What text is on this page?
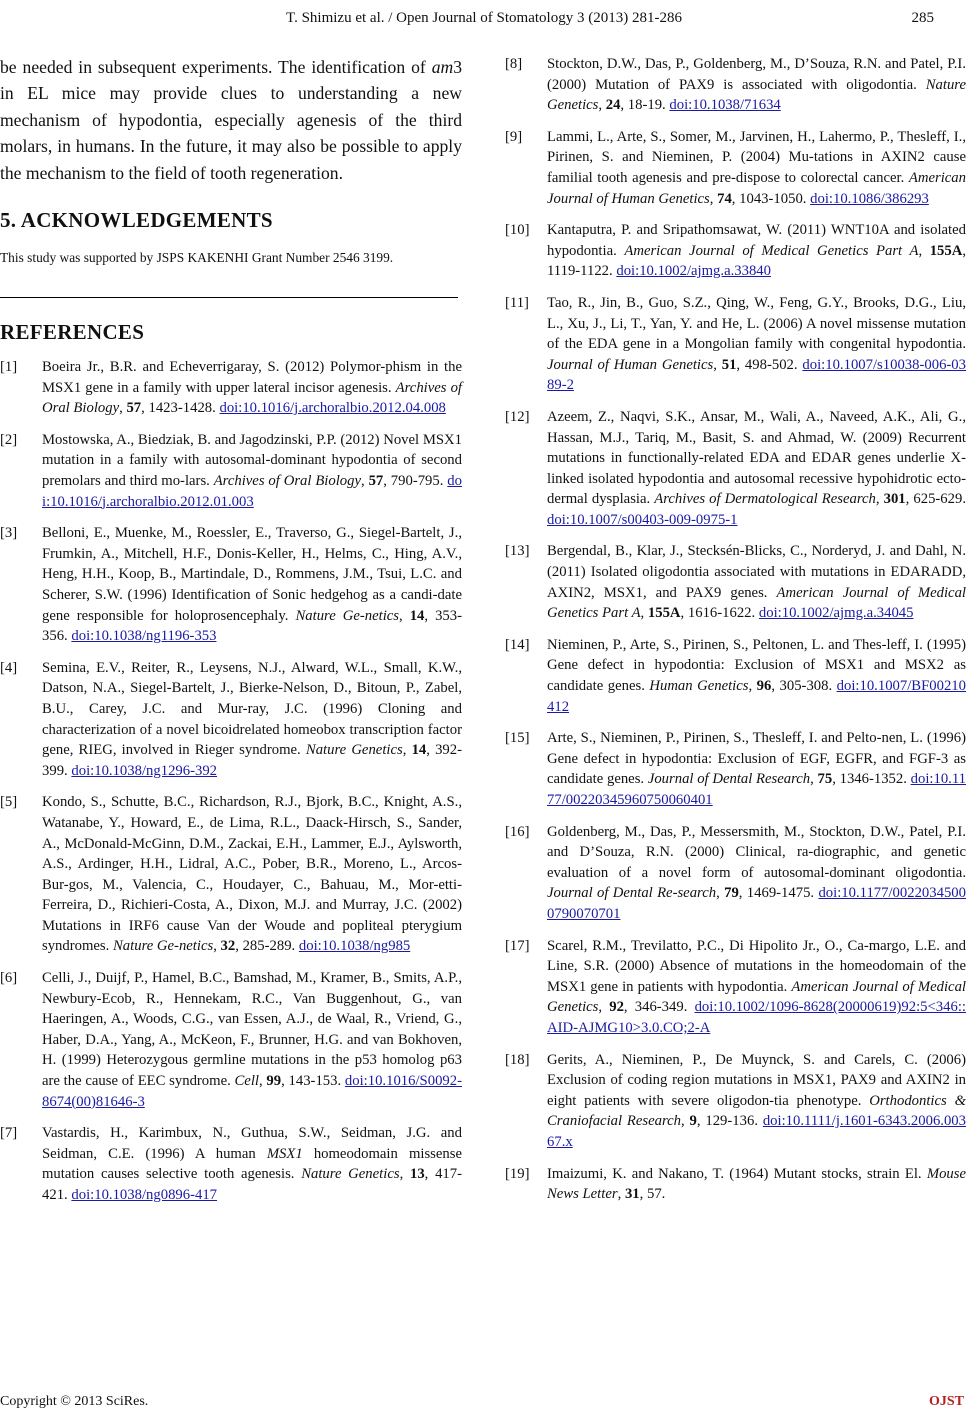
T. Shimizu et al. / Open Journal of Stomatology 3 (2013) 281-286	285

be needed in subsequent experiments. The identification of am3 in EL mice may provide clues to understanding a new mechanism of hypodontia, especially agenesis of the third molars, in humans. In the future, it may also be possible to apply the mechanism to the field of tooth regeneration.

5. ACKNOWLEDGEMENTS

This study was supported by JSPS KAKENHI Grant Number 2546 3199.

REFERENCES

[1] Boeira Jr., B.R. and Echeverrigaray, S. (2012) Polymor-phism in the MSX1 gene in a family with upper lateral incisor agenesis. Archives of Oral Biology, 57, 1423-1428. doi:10.1016/j.archoralbio.2012.04.008

[2] Mostowska, A., Biedziak, B. and Jagodzinski, P.P. (2012) Novel MSX1 mutation in a family with autosomal-dominant hypodontia of second premolars and third mo-lars. Archives of Oral Biology, 57, 790-795. doi:10.1016/j.archoralbio.2012.01.003

[3] Belloni, E., Muenke, M., Roessler, E., Traverso, G., Siegel-Bartelt, J., Frumkin, A., Mitchell, H.F., Donis-Keller, H., Helms, C., Hing, A.V., Heng, H.H., Koop, B., Martindale, D., Rommens, J.M., Tsui, L.C. and Scherer, S.W. (1996) Identification of Sonic hedgehog as a candi-date gene responsible for holoprosencephaly. Nature Ge-netics, 14, 353-356. doi:10.1038/ng1196-353

[4] Semina, E.V., Reiter, R., Leysens, N.J., Alward, W.L., Small, K.W., Datson, N.A., Siegel-Bartelt, J., Bierke-Nelson, D., Bitoun, P., Zabel, B.U., Carey, J.C. and Mur-ray, J.C. (1996) Cloning and characterization of a novel bicoidrelated homeobox transcription factor gene, RIEG, involved in Rieger syndrome. Nature Genetics, 14, 392-399. doi:10.1038/ng1296-392

[5] Kondo, S., Schutte, B.C., Richardson, R.J., Bjork, B.C., Knight, A.S., Watanabe, Y., Howard, E., de Lima, R.L., Daack-Hirsch, S., Sander, A., McDonald-McGinn, D.M., Zackai, E.H., Lammer, E.J., Aylsworth, A.S., Ardinger, H.H., Lidral, A.C., Pober, B.R., Moreno, L., Arcos-Bur-gos, M., Valencia, C., Houdayer, C., Bahuau, M., Mor-etti-Ferreira, D., Richieri-Costa, A., Dixon, M.J. and Murray, J.C. (2002) Mutations in IRF6 cause Van der Woude and popliteal pterygium syndromes. Nature Ge-netics, 32, 285-289. doi:10.1038/ng985

[6] Celli, J., Duijf, P., Hamel, B.C., Bamshad, M., Kramer, B., Smits, A.P., Newbury-Ecob, R., Hennekam, R.C., Van Buggenhout, G., van Haeringen, A., Woods, C.G., van Essen, A.J., de Waal, R., Vriend, G., Haber, D.A., Yang, A., McKeon, F., Brunner, H.G. and van Bokhoven, H. (1999) Heterozygous germline mutations in the p53 homolog p63 are the cause of EEC syndrome. Cell, 99, 143-153. doi:10.1016/S0092-8674(00)81646-3

[7] Vastardis, H., Karimbux, N., Guthua, S.W., Seidman, J.G. and Seidman, C.E. (1996) A human MSX1 homeodomain missense mutation causes selective tooth agenesis. Nature Genetics, 13, 417-421. doi:10.1038/ng0896-417

[8] Stockton, D.W., Das, P., Goldenberg, M., D’Souza, R.N. and Patel, P.I. (2000) Mutation of PAX9 is associated with oligodontia. Nature Genetics, 24, 18-19. doi:10.1038/71634

[9] Lammi, L., Arte, S., Somer, M., Jarvinen, H., Lahermo, P., Thesleff, I., Pirinen, S. and Nieminen, P. (2004) Mu-tations in AXIN2 cause familial tooth agenesis and pre-dispose to colorectal cancer. American Journal of Human Genetics, 74, 1043-1050. doi:10.1086/386293

[10] Kantaputra, P. and Sripathomsawat, W. (2011) WNT10A and isolated hypodontia. American Journal of Medical Genetics Part A, 155A, 1119-1122. doi:10.1002/ajmg.a.33840

[11] Tao, R., Jin, B., Guo, S.Z., Qing, W., Feng, G.Y., Brooks, D.G., Liu, L., Xu, J., Li, T., Yan, Y. and He, L. (2006) A novel missense mutation of the EDA gene in a Mongolian family with congenital hypodontia. Journal of Human Genetics, 51, 498-502. doi:10.1007/s10038-006-0389-2

[12] Azeem, Z., Naqvi, S.K., Ansar, M., Wali, A., Naveed, A.K., Ali, G., Hassan, M.J., Tariq, M., Basit, S. and Ahmad, W. (2009) Recurrent mutations in functionally-related EDA and EDAR genes underlie X-linked isolated hypodontia and autosomal recessive hypohidrotic ecto-dermal dysplasia. Archives of Dermatological Research, 301, 625-629. doi:10.1007/s00403-009-0975-1

[13] Bergendal, B., Klar, J., Stecksén-Blicks, C., Norderyd, J. and Dahl, N. (2011) Isolated oligodontia associated with mutations in EDARADD, AXIN2, MSX1, and PAX9 genes. American Journal of Medical Genetics Part A, 155A, 1616-1622. doi:10.1002/ajmg.a.34045

[14] Nieminen, P., Arte, S., Pirinen, S., Peltonen, L. and Thes-leff, I. (1995) Gene defect in hypodontia: Exclusion of MSX1 and MSX2 as candidate genes. Human Genetics, 96, 305-308. doi:10.1007/BF00210412

[15] Arte, S., Nieminen, P., Pirinen, S., Thesleff, I. and Pelto-nen, L. (1996) Gene defect in hypodontia: Exclusion of EGF, EGFR, and FGF-3 as candidate genes. Journal of Dental Research, 75, 1346-1352. doi:10.1177/00220345960750060401

[16] Goldenberg, M., Das, P., Messersmith, M., Stockton, D.W., Patel, P.I. and D’Souza, R.N. (2000) Clinical, ra-diographic, and genetic evaluation of a novel form of autosomal-dominant oligodontia. Journal of Dental Re-search, 79, 1469-1475. doi:10.1177/00220345000790070701

[17] Scarel, R.M., Trevilatto, P.C., Di Hipolito Jr., O., Ca-margo, L.E. and Line, S.R. (2000) Absence of mutations in the homeodomain of the MSX1 gene in patients with hypodontia. American Journal of Medical Genetics, 92, 346-349. doi:10.1002/1096-8628(20000619)92:5<346::AID-AJMG10>3.0.CO;2-A

[18] Gerits, A., Nieminen, P., De Muynck, S. and Carels, C. (2006) Exclusion of coding region mutations in MSX1, PAX9 and AXIN2 in eight patients with severe oligodon-tia phenotype. Orthodontics & Craniofacial Research, 9, 129-136. doi:10.1111/j.1601-6343.2006.00367.x

[19] Imaizumi, K. and Nakano, T. (1964) Mutant stocks, strain El. Mouse News Letter, 31, 57.

Copyright © 2013 SciRes.	OJST
